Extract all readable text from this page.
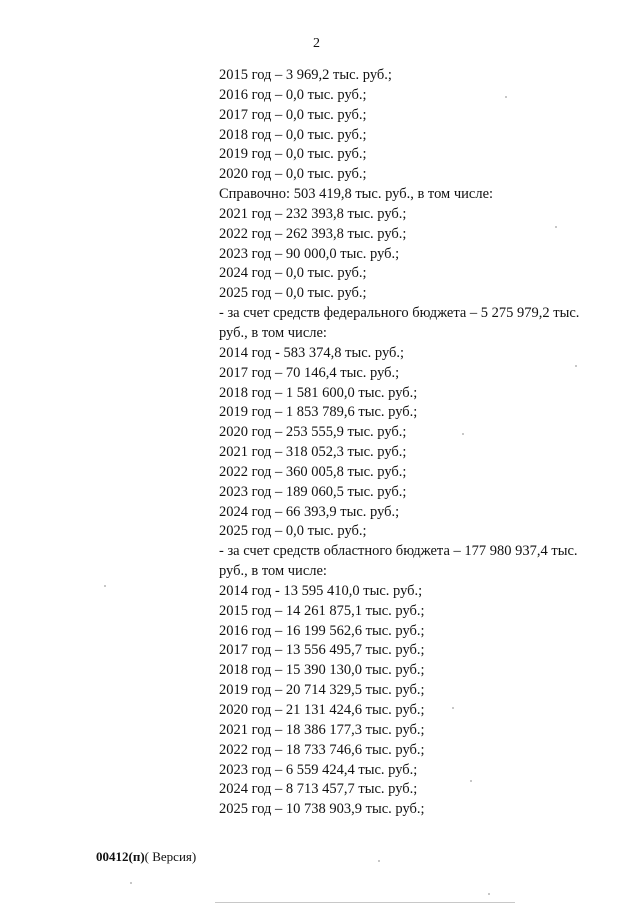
2
2015 год – 3 969,2 тыс. руб.;
2016 год – 0,0 тыс. руб.;
2017 год – 0,0 тыс. руб.;
2018 год – 0,0 тыс. руб.;
2019 год – 0,0 тыс. руб.;
2020 год – 0,0 тыс. руб.;
Справочно: 503 419,8 тыс. руб., в том числе:
2021 год – 232 393,8 тыс. руб.;
2022 год – 262 393,8 тыс. руб.;
2023 год – 90 000,0 тыс. руб.;
2024 год – 0,0 тыс. руб.;
2025 год – 0,0 тыс. руб.;
- за счет средств федерального бюджета – 5 275 979,2 тыс. руб., в том числе:
2014 год - 583 374,8 тыс. руб.;
2017 год – 70 146,4 тыс. руб.;
2018 год – 1 581 600,0 тыс. руб.;
2019 год – 1 853 789,6 тыс. руб.;
2020 год – 253 555,9 тыс. руб.;
2021 год – 318 052,3 тыс. руб.;
2022 год – 360 005,8 тыс. руб.;
2023 год – 189 060,5 тыс. руб.;
2024 год – 66 393,9 тыс. руб.;
2025 год – 0,0 тыс. руб.;
- за счет средств областного бюджета – 177 980 937,4 тыс. руб., в том числе:
2014 год - 13 595 410,0 тыс. руб.;
2015 год – 14 261 875,1 тыс. руб.;
2016 год – 16 199 562,6 тыс. руб.;
2017 год – 13 556 495,7 тыс. руб.;
2018 год – 15 390 130,0 тыс. руб.;
2019 год – 20 714 329,5 тыс. руб.;
2020 год – 21 131 424,6 тыс. руб.;
2021 год – 18 386 177,3 тыс. руб.;
2022 год – 18 733 746,6 тыс. руб.;
2023 год – 6 559 424,4 тыс. руб.;
2024 год – 8 713 457,7 тыс. руб.;
2025 год – 10 738 903,9 тыс. руб.;
00412(п)( Версия)
